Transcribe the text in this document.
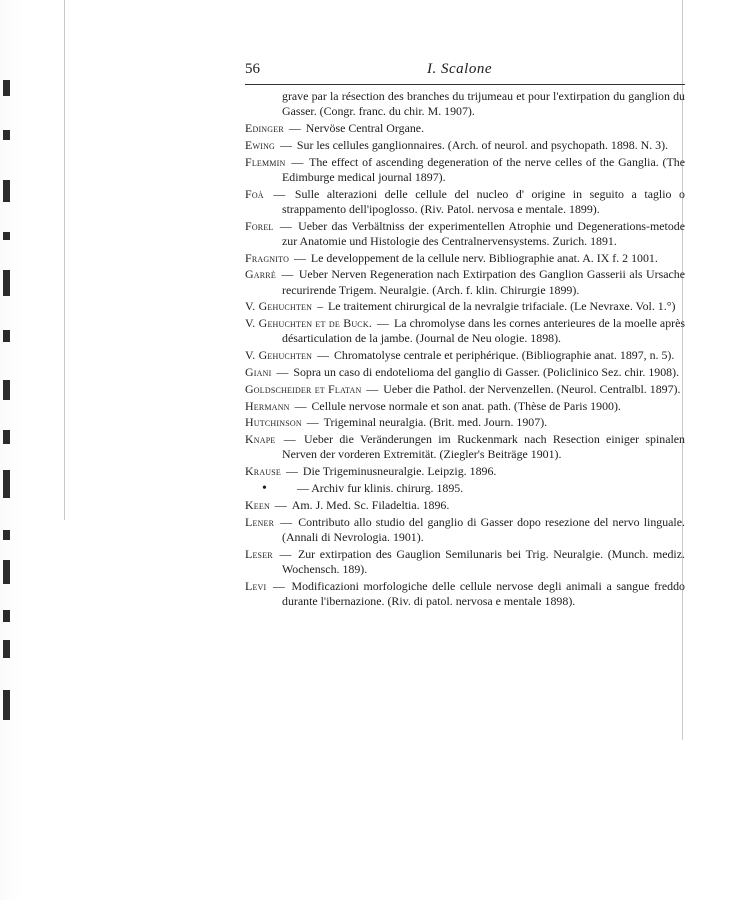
56	I. Scalone

grave par la résection des branches du trijumeau et pour l'extirpation du ganglion du Gasser. (Congr. franc. du chir. M. 1907).

Edinger — Nervöse Central Organe.

Ewing — Sur les cellules ganglionnaires. (Arch. of neurol. and psychopath. 1898. N. 3).

Flemmin — The effect of ascending degeneration of the nerve celles of the Ganglia. (The Edimburge medical journal 1897).

Foà — Sulle alterazioni delle cellule del nucleo d' origine in seguito a taglio o strappamento dell'ipoglosso. (Riv. Patol. nervosa e mentale. 1899).

Forel — Ueber das Verbältniss der experimentellen Atrophie und Degenerations-metode zur Anatomie und Histologie des Centralnervensystems. Zurich. 1891.

Fragnito — Le developpement de la cellule nerv. Bibliographie anat. A. IX f. 2 1001.

Garrè — Ueber Nerven Regeneration nach Extirpation des Ganglion Gasserii als Ursache recurirende Trigem. Neuralgie. (Arch. f. klin. Chirurgie 1899).

V. Gehuchten – Le traitement chirurgical de la nevralgie trifaciale. (Le Nevraxe. Vol. 1.°)

V. Gehuchten et de Buck. — La chromolyse dans les cornes anterieures de la moelle après désarticulation de la jambe. (Journal de Neu ologie. 1898).

V. Gehuchten — Chromatolyse centrale et periphérique. (Bibliographie anat. 1897, n. 5).

Giani — Sopra un caso di endotelioma del ganglio di Gasser. (Policlinico Sez. chir. 1908).

Goldscheider et Flatan — Ueber die Pathol. der Nervenzellen. (Neurol. Centralbl. 1897).

Hermann — Cellule nervose normale et son anat. path. (Thèse de Paris 1900).

Hutchinson — Trigeminal neuralgia. (Brit. med. Journ. 1907).

Knape — Ueber die Veränderungen im Ruckenmark nach Resection einiger spinalen Nerven der vorderen Extremität. (Ziegler's Beiträge 1901).

Krause — Die Trigeminusneuralgie. Leipzig. 1896.

•	— Archiv fur klinis. chirurg. 1895.

Keen — Am. J. Med. Sc. Filadeltia. 1896.

Lener — Contributo allo studio del ganglio di Gasser dopo resezione del nervo linguale. (Annali di Nevrologia. 1901).

Leser — Zur extirpation des Gauglion Semilunaris bei Trig. Neuralgie. (Munch. mediz. Wochensch. 189).

Levi — Modificazioni morfologiche delle cellule nervose degli animali a sangue freddo durante l'ibernazione. (Riv. di patol. nervosa e mentale 1898).
